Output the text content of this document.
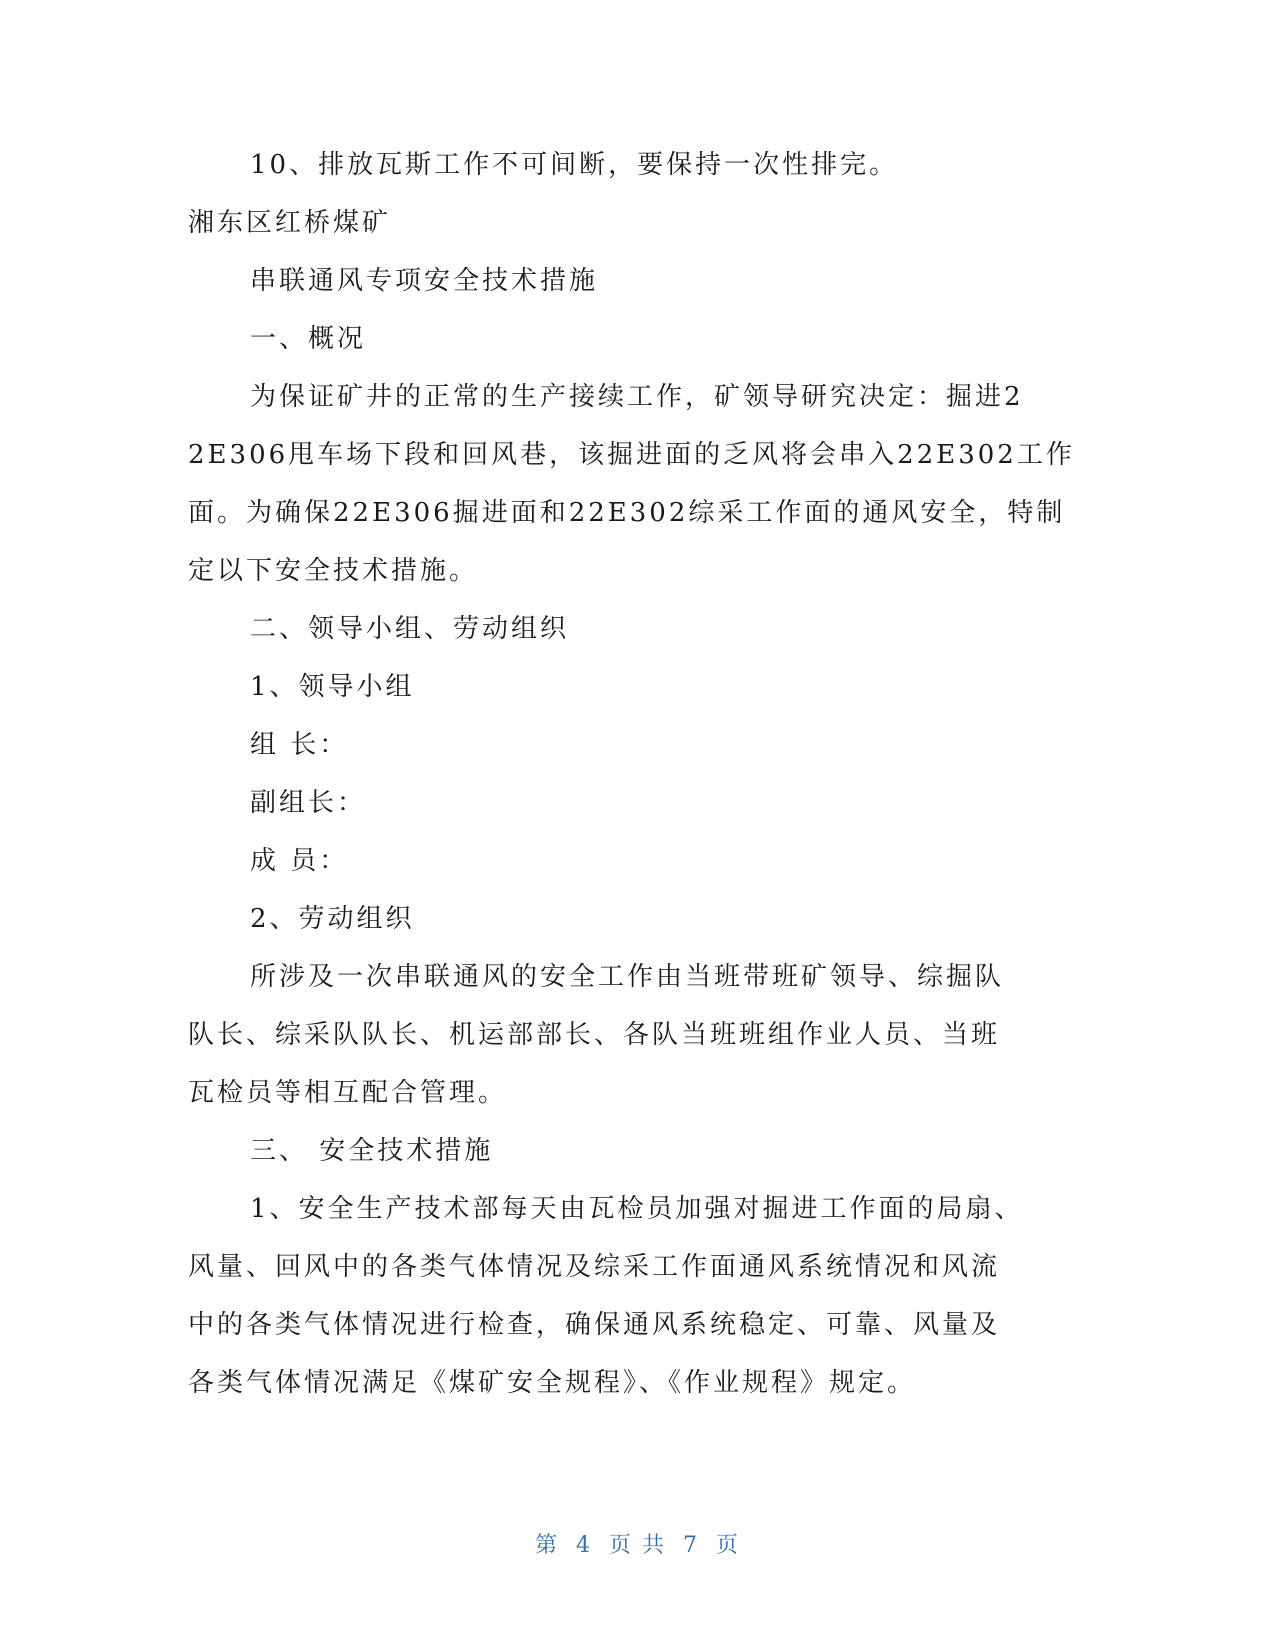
10、排放瓦斯工作不可间断，要保持一次性排完。
湘东区红桥煤矿
串联通风专项安全技术措施
一、概况
为保证矿井的正常的生产接续工作，矿领导研究决定：掘进2
2E306甩车场下段和回风巷，该掘进面的乏风将会串入22E302工作
面。为确保22E306掘进面和22E302综采工作面的通风安全，特制
定以下安全技术措施。
二、领导小组、劳动组织
1、领导小组
组 长：
副组长：
成 员：
2、劳动组织
所涉及一次串联通风的安全工作由当班带班矿领导、综掘队
队长、综采队队长、机运部部长、各队当班班组作业人员、当班
瓦检员等相互配合管理。
三、 安全技术措施
1、安全生产技术部每天由瓦检员加强对掘进工作面的局扇、
风量、回风中的各类气体情况及综采工作面通风系统情况和风流
中的各类气体情况进行检查，确保通风系统稳定、可靠、风量及
各类气体情况满足《煤矿安全规程》、《作业规程》规定。
第 4 页 共 7 页
